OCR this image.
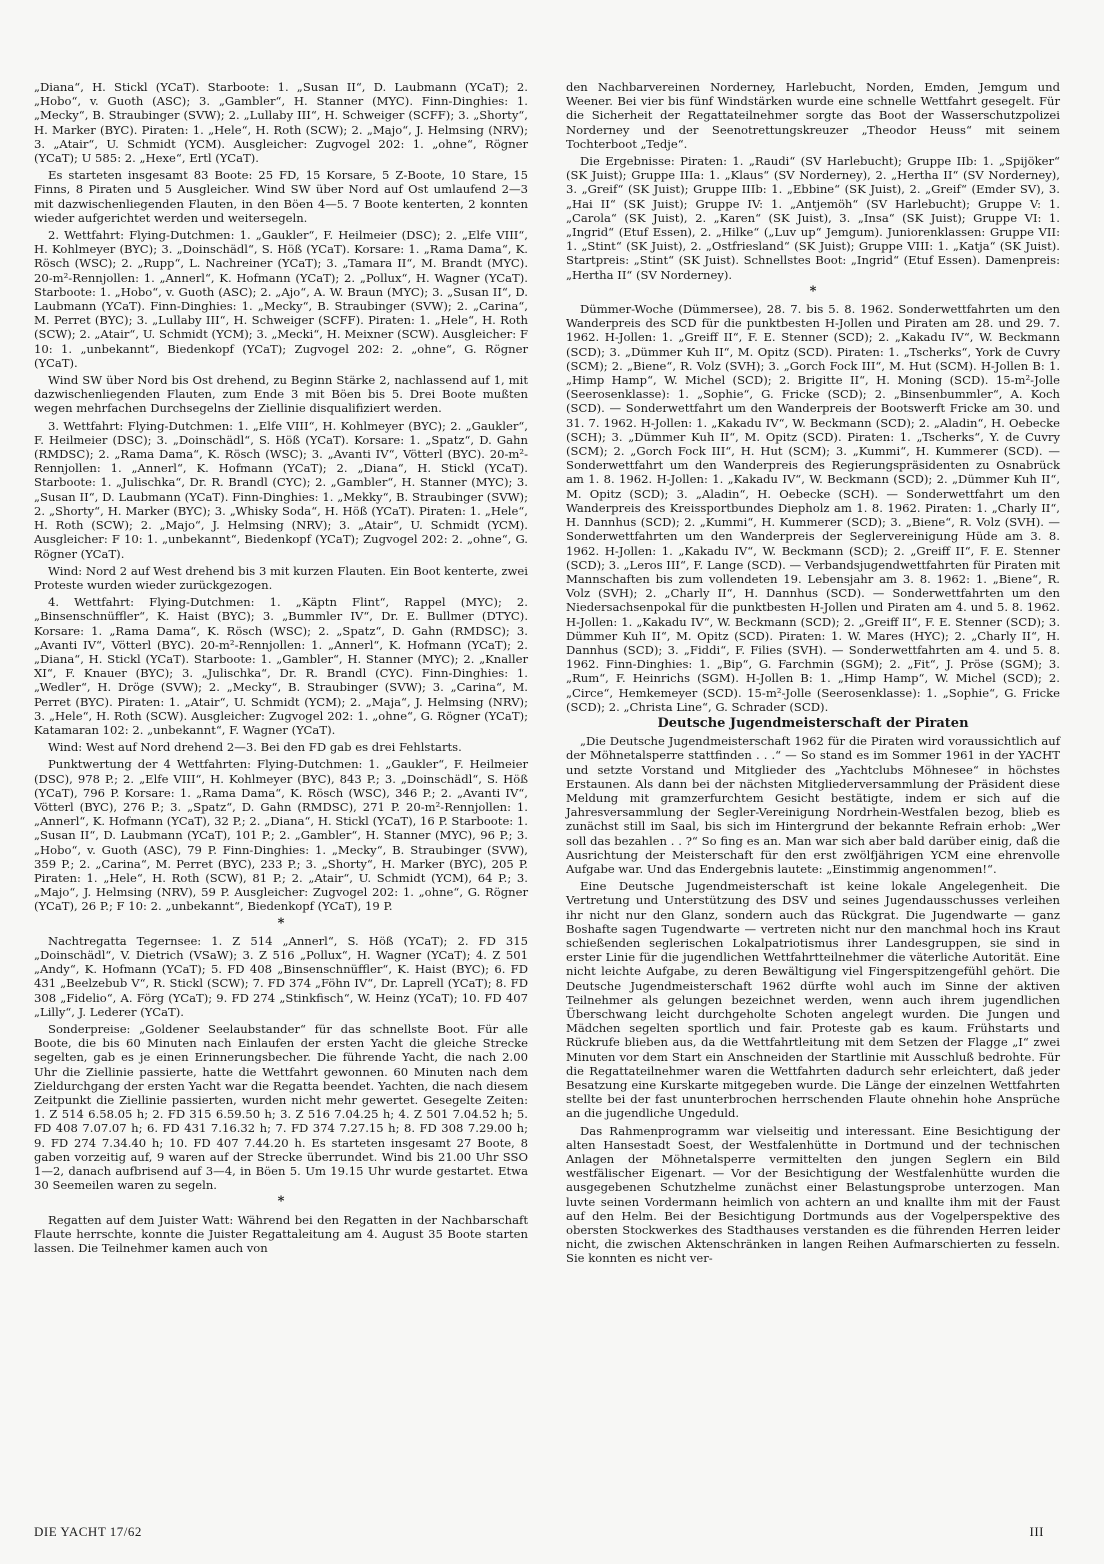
„Diana“, H. Stickl (YCaT). Starboote: 1. „Susan II“, D. Laubmann (YCaT); 2. „Hobo“, v. Guoth (ASC); 3. „Gambler“, H. Stanner (MYC). Finn-Dinghies: 1. „Mecky“, B. Straubinger (SVW); 2. „Lullaby III“, H. Schweiger (SCFF); 3. „Shorty“, H. Marker (BYC). Piraten: 1. „Hele“, H. Roth (SCW); 2. „Majo“, J. Helmsing (NRV); 3. „Atair“, U. Schmidt (YCM). Ausgleicher: Zugvogel 202: 1. „ohne“, Rögner (YCaT); U 585: 2. „Hexe“, Ertl (YCaT).

Es starteten insgesamt 83 Boote: 25 FD, 15 Korsare, 5 Z-Boote, 10 Stare, 15 Finns, 8 Piraten und 5 Ausgleicher. Wind SW über Nord auf Ost umlaufend 2—3 mit dazwischenliegenden Flauten, in den Böen 4—5. 7 Boote kenterten, 2 konnten wieder aufgerichtet werden und weitersegeln.

2. Wettfahrt: Flying-Dutchmen: 1. „Gaukler“, F. Heilmeier (DSC); 2. „Elfe VIII“, H. Kohlmeyer (BYC); 3. „Doinschädl“, S. Höß (YCaT). Korsare: 1. „Rama Dama“, K. Rösch (WSC); 2. „Rupp“, L. Nachreiner (YCaT); 3. „Tamara II“, M. Brandt (MYC). 20-m²-Rennjollen: 1. „Annerl“, K. Hofmann (YCaT); 2. „Pollux“, H. Wagner (YCaT). Starboote: 1. „Hobo“, v. Guoth (ASC); 2. „Ajo“, A. W. Braun (MYC); 3. „Susan II“, D. Laubmann (YCaT). Finn-Dinghies: 1. „Mecky“, B. Straubinger (SVW); 2. „Carina“, M. Perret (BYC); 3. „Lullaby III“, H. Schweiger (SCFF). Piraten: 1. „Hele“, H. Roth (SCW); 2. „Atair“, U. Schmidt (YCM); 3. „Mecki“, H. Meixner (SCW). Ausgleicher: F 10: 1. „unbekannt“, Biedenkopf (YCaT); Zugvogel 202: 2. „ohne“, G. Rögner (YCaT).

Wind SW über Nord bis Ost drehend, zu Beginn Stärke 2, nachlassend auf 1, mit dazwischenliegenden Flauten, zum Ende 3 mit Böen bis 5. Drei Boote mußten wegen mehrfachen Durchsegelns der Ziellinie disqualifiziert werden.

3. Wettfahrt: Flying-Dutchmen: 1. „Elfe VIII“, H. Kohlmeyer (BYC); 2. „Gaukler“, F. Heilmeier (DSC); 3. „Doinschädl“, S. Höß (YCaT). Korsare: 1. „Spatz“, D. Gahn (RMDSC); 2. „Rama Dama“, K. Rösch (WSC); 3. „Avanti IV“, Vötterl (BYC). 20-m²-Rennjollen: 1. „Annerl“, K. Hofmann (YCaT); 2. „Diana“, H. Stickl (YCaT). Starboote: 1. „Julischka“, Dr. R. Brandl (CYC); 2. „Gambler“, H. Stanner (MYC); 3. „Susan II“, D. Laubmann (YCaT). Finn-Dinghies: 1. „Mekky“, B. Straubinger (SVW); 2. „Shorty“, H. Marker (BYC); 3. „Whisky Soda“, H. Höß (YCaT). Piraten: 1. „Hele“, H. Roth (SCW); 2. „Majo“, J. Helmsing (NRV); 3. „Atair“, U. Schmidt (YCM). Ausgleicher: F 10: 1. „unbekannt“, Biedenkopf (YCaT); Zugvogel 202: 2. „ohne“, G. Rögner (YCaT).

Wind: Nord 2 auf West drehend bis 3 mit kurzen Flauten. Ein Boot kenterte, zwei Proteste wurden wieder zurückgezogen.

4. Wettfahrt: Flying-Dutchmen: 1. „Käptn Flint“, Rappel (MYC); 2. „Binsenschnüffler“, K. Haist (BYC); 3. „Bummler IV“, Dr. E. Bullmer (DTYC). Korsare: 1. „Rama Dama“, K. Rösch (WSC); 2. „Spatz“, D. Gahn (RMDSC); 3. „Avanti IV“, Vötterl (BYC). 20-m²-Rennjollen: 1. „Annerl“, K. Hofmann (YCaT); 2. „Diana“, H. Stickl (YCaT). Starboote: 1. „Gambler“, H. Stanner (MYC); 2. „Knaller XI“, F. Knauer (BYC); 3. „Julischka“, Dr. R. Brandl (CYC). Finn-Dinghies: 1. „Wedler“, H. Dröge (SVW); 2. „Mecky“, B. Straubinger (SVW); 3. „Carina“, M. Perret (BYC). Piraten: 1. „Atair“, U. Schmidt (YCM); 2. „Maja“, J. Helmsing (NRV); 3. „Hele“, H. Roth (SCW). Ausgleicher: Zugvogel 202: 1. „ohne“, G. Rögner (YCaT); Katamaran 102: 2. „unbekannt“, F. Wagner (YCaT).

Wind: West auf Nord drehend 2—3. Bei den FD gab es drei Fehlstarts.

Punktwertung der 4 Wettfahrten: Flying-Dutchmen: 1. „Gaukler“, F. Heilmeier (DSC), 978 P.; 2. „Elfe VIII“, H. Kohlmeyer (BYC), 843 P.; 3. „Doinschädl“, S. Höß (YCaT), 796 P. Korsare: 1. „Rama Dama“, K. Rösch (WSC), 346 P.; 2. „Avanti IV“, Vötterl (BYC), 276 P.; 3. „Spatz“, D. Gahn (RMDSC), 271 P. 20-m²-Rennjollen: 1. „Annerl“, K. Hofmann (YCaT), 32 P.; 2. „Diana“, H. Stickl (YCaT), 16 P. Starboote: 1. „Susan II“, D. Laubmann (YCaT), 101 P.; 2. „Gambler“, H. Stanner (MYC), 96 P.; 3. „Hobo“, v. Guoth (ASC), 79 P. Finn-Dinghies: 1. „Mecky“, B. Straubinger (SVW), 359 P.; 2. „Carina“, M. Perret (BYC), 233 P.; 3. „Shorty“, H. Marker (BYC), 205 P. Piraten: 1. „Hele“, H. Roth (SCW), 81 P.; 2. „Atair“, U. Schmidt (YCM), 64 P.; 3. „Majo“, J. Helmsing (NRV), 59 P. Ausgleicher: Zugvogel 202: 1. „ohne“, G. Rögner (YCaT), 26 P.; F 10: 2. „unbekannt“, Biedenkopf (YCaT), 19 P.

*

Nachtregatta Tegernsee: 1. Z 514 „Annerl“, S. Höß (YCaT); 2. FD 315 „Doinschädl“, V. Dietrich (VSaW); 3. Z 516 „Pollux“, H. Wagner (YCaT); 4. Z 501 „Andy“, K. Hofmann (YCaT); 5. FD 408 „Binsenschnüffler“, K. Haist (BYC); 6. FD 431 „Beelzebub V“, R. Stickl (SCW); 7. FD 374 „Föhn IV“, Dr. Laprell (YCaT); 8. FD 308 „Fidelio“, A. Förg (YCaT); 9. FD 274 „Stinkfisch“, W. Heinz (YCaT); 10. FD 407 „Lilly“, J. Lederer (YCaT).

Sonderpreise: „Goldener Seelaubstander“ für das schnellste Boot. Für alle Boote, die bis 60 Minuten nach Einlaufen der ersten Yacht die gleiche Strecke segelten, gab es je einen Erinnerungsbecher. Die führende Yacht, die nach 2.00 Uhr die Ziellinie passierte, hatte die Wettfahrt gewonnen. 60 Minuten nach dem Zieldurchgang der ersten Yacht war die Regatta beendet. Yachten, die nach diesem Zeitpunkt die Ziellinie passierten, wurden nicht mehr gewertet. Gesegelte Zeiten: 1. Z 514 6.58.05 h; 2. FD 315 6.59.50 h; 3. Z 516 7.04.25 h; 4. Z 501 7.04.52 h; 5. FD 408 7.07.07 h; 6. FD 431 7.16.32 h; 7. FD 374 7.27.15 h; 8. FD 308 7.29.00 h; 9. FD 274 7.34.40 h; 10. FD 407 7.44.20 h. Es starteten insgesamt 27 Boote, 8 gaben vorzeitig auf, 9 waren auf der Strecke überrundet. Wind bis 21.00 Uhr SSO 1—2, danach aufbrisend auf 3—4, in Böen 5. Um 19.15 Uhr wurde gestartet. Etwa 30 Seemeilen waren zu segeln.

*

Regatten auf dem Juister Watt: Während bei den Regatten in der Nachbarschaft Flaute herrschte, konnte die Juister Regattaleitung am 4. August 35 Boote starten lassen. Die Teilnehmer kamen auch von

den Nachbarvereinen Norderney, Harlebucht, Norden, Emden, Jemgum und Weener. Bei vier bis fünf Windstärken wurde eine schnelle Wettfahrt gesegelt. Für die Sicherheit der Regattateilnehmer sorgte das Boot der Wasserschutzpolizei Norderney und der Seenotrettungskreuzer „Theodor Heuss“ mit seinem Tochterboot „Tedje“.

Die Ergebnisse: Piraten: 1. „Raudi“ (SV Harlebucht); Gruppe IIb: 1. „Spijöker“ (SK Juist); Gruppe IIIa: 1. „Klaus“ (SV Norderney), 2. „Hertha II“ (SV Norderney), 3. „Greif“ (SK Juist); Gruppe IIIb: 1. „Ebbine“ (SK Juist), 2. „Greif“ (Emder SV), 3. „Hai II“ (SK Juist); Gruppe IV: 1. „Antjemöh“ (SV Harlebucht); Gruppe V: 1. „Carola“ (SK Juist), 2. „Karen“ (SK Juist), 3. „Insa“ (SK Juist); Gruppe VI: 1. „Ingrid“ (Etuf Essen), 2. „Hilke“ („Luv up“ Jemgum). Juniorenklassen: Gruppe VII: 1. „Stint“ (SK Juist), 2. „Ostfriesland“ (SK Juist); Gruppe VIII: 1. „Katja“ (SK Juist). Startpreis: „Stint“ (SK Juist). Schnellstes Boot: „Ingrid“ (Etuf Essen). Damenpreis: „Hertha II“ (SV Norderney).

*

Dümmer-Woche (Dümmersee), 28. 7. bis 5. 8. 1962. Sonderwettfahrten um den Wanderpreis des SCD für die punktbesten H-Jollen und Piraten am 28. und 29. 7. 1962. H-Jollen: 1. „Greiff II“, F. E. Stenner (SCD); 2. „Kakadu IV“, W. Beckmann (SCD); 3. „Dümmer Kuh II“, M. Opitz (SCD). Piraten: 1. „Tscherks“, York de Cuvry (SCM); 2. „Biene“, R. Volz (SVH); 3. „Gorch Fock III“, M. Hut (SCM). H-Jollen B: 1. „Himp Hamp“, W. Michel (SCD); 2. Brigitte II“, H. Moning (SCD). 15-m²-Jolle (Seerosenklasse): 1. „Sophie“, G. Fricke (SCD); 2. „Binsenbummler“, A. Koch (SCD). — Sonderwettfahrt um den Wanderpreis der Bootswerft Fricke am 30. und 31. 7. 1962. H-Jollen: 1. „Kakadu IV“, W. Beckmann (SCD); 2. „Aladin“, H. Oebecke (SCH); 3. „Dümmer Kuh II“, M. Opitz (SCD). Piraten: 1. „Tscherks“, Y. de Cuvry (SCM); 2. „Gorch Fock III“, H. Hut (SCM); 3. „Kummi“, H. Kummerer (SCD). — Sonderwettfahrt um den Wanderpreis des Regierungspräsidenten zu Osnabrück am 1. 8. 1962. H-Jollen: 1. „Kakadu IV“, W. Beckmann (SCD); 2. „Dümmer Kuh II“, M. Opitz (SCD); 3. „Aladin“, H. Oebecke (SCH). — Sonderwettfahrt um den Wanderpreis des Kreissportbundes Diepholz am 1. 8. 1962. Piraten: 1. „Charly II“, H. Dannhus (SCD); 2. „Kummi“, H. Kummerer (SCD); 3. „Biene“, R. Volz (SVH). — Sonderwettfahrten um den Wanderpreis der Seglervereinigung Hüde am 3. 8. 1962. H-Jollen: 1. „Kakadu IV“, W. Beckmann (SCD); 2. „Greiff II“, F. E. Stenner (SCD); 3. „Leros III“, F. Lange (SCD). — Verbandsjugendwettfahrten für Piraten mit Mannschaften bis zum vollendeten 19. Lebensjahr am 3. 8. 1962: 1. „Biene“, R. Volz (SVH); 2. „Charly II“, H. Dannhus (SCD). — Sonderwettfahrten um den Niedersachsenpokal für die punktbesten H-Jollen und Piraten am 4. und 5. 8. 1962. H-Jollen: 1. „Kakadu IV“, W. Beckmann (SCD); 2. „Greiff II“, F. E. Stenner (SCD); 3. Dümmer Kuh II“, M. Opitz (SCD). Piraten: 1. W. Mares (HYC); 2. „Charly II“, H. Dannhus (SCD); 3. „Fiddi“, F. Filies (SVH). — Sonderwettfahrten am 4. und 5. 8. 1962. Finn-Dinghies: 1. „Bip“, G. Farchmin (SGM); 2. „Fit“, J. Pröse (SGM); 3. „Rum“, F. Heinrichs (SGM). H-Jollen B: 1. „Himp Hamp“, W. Michel (SCD); 2. „Circe“, Hemkemeyer (SCD). 15-m²-Jolle (Seerosenklasse): 1. „Sophie“, G. Fricke (SCD); 2. „Christa Line“, G. Schrader (SCD).

Deutsche Jugendmeisterschaft der Piraten

„Die Deutsche Jugendmeisterschaft 1962 für die Piraten wird voraussichtlich auf der Möhnetalsperre stattfinden . . .“ — So stand es im Sommer 1961 in der YACHT und setzte Vorstand und Mitglieder des „Yachtclubs Möhnesee“ in höchstes Erstaunen. Als dann bei der nächsten Mitgliederversammlung der Präsident diese Meldung mit gramzerfurchtem Gesicht bestätigte, indem er sich auf die Jahresversammlung der Segler-Vereinigung Nordrhein-Westfalen bezog, blieb es zunächst still im Saal, bis sich im Hintergrund der bekannte Refrain erhob: „Wer soll das bezahlen . . ?“ So fing es an. Man war sich aber bald darüber einig, daß die Ausrichtung der Meisterschaft für den erst zwölfjährigen YCM eine ehrenvolle Aufgabe war. Und das Endergebnis lautete: „Einstimmig angenommen!“.

Eine Deutsche Jugendmeisterschaft ist keine lokale Angelegenheit. Die Vertretung und Unterstützung des DSV und seines Jugendausschusses verleihen ihr nicht nur den Glanz, sondern auch das Rückgrat. Die Jugendwarte — ganz Boshafte sagen Tugendwarte — vertreten nicht nur den manchmal hoch ins Kraut schießenden seglerischen Lokalpatriotismus ihrer Landesgruppen, sie sind in erster Linie für die jugendlichen Wettfahrtteilnehmer die väterliche Autorität. Eine nicht leichte Aufgabe, zu deren Bewältigung viel Fingerspitzengefühl gehört. Die Deutsche Jugendmeisterschaft 1962 dürfte wohl auch im Sinne der aktiven Teilnehmer als gelungen bezeichnet werden, wenn auch ihrem jugendlichen Überschwang leicht durchgeholte Schoten angelegt wurden. Die Jungen und Mädchen segelten sportlich und fair. Proteste gab es kaum. Frühstarts und Rückrufe blieben aus, da die Wettfahrtleitung mit dem Setzen der Flagge „I“ zwei Minuten vor dem Start ein Anschneiden der Startlinie mit Ausschluß bedrohte. Für die Regattateilnehmer waren die Wettfahrten dadurch sehr erleichtert, daß jeder Besatzung eine Kurskarte mitgegeben wurde. Die Länge der einzelnen Wettfahrten stellte bei der fast ununterbrochen herrschenden Flaute ohnehin hohe Ansprüche an die jugendliche Ungeduld.

Das Rahmenprogramm war vielseitig und interessant. Eine Besichtigung der alten Hansestadt Soest, der Westfalenhütte in Dortmund und der technischen Anlagen der Möhnetalsperre vermittelten den jungen Seglern ein Bild westfälischer Eigenart. — Vor der Besichtigung der Westfalenhütte wurden die ausgegebenen Schutzhelme zunächst einer Belastungsprobe unterzogen. Man luvte seinen Vordermann heimlich von achtern an und knallte ihm mit der Faust auf den Helm. Bei der Besichtigung Dortmunds aus der Vogelperspektive des obersten Stockwerkes des Stadthauses verstanden es die führenden Herren leider nicht, die zwischen Aktenschränken in langen Reihen Aufmarschierten zu fesseln. Sie konnten es nicht ver-

DIE YACHT 17/62	III
